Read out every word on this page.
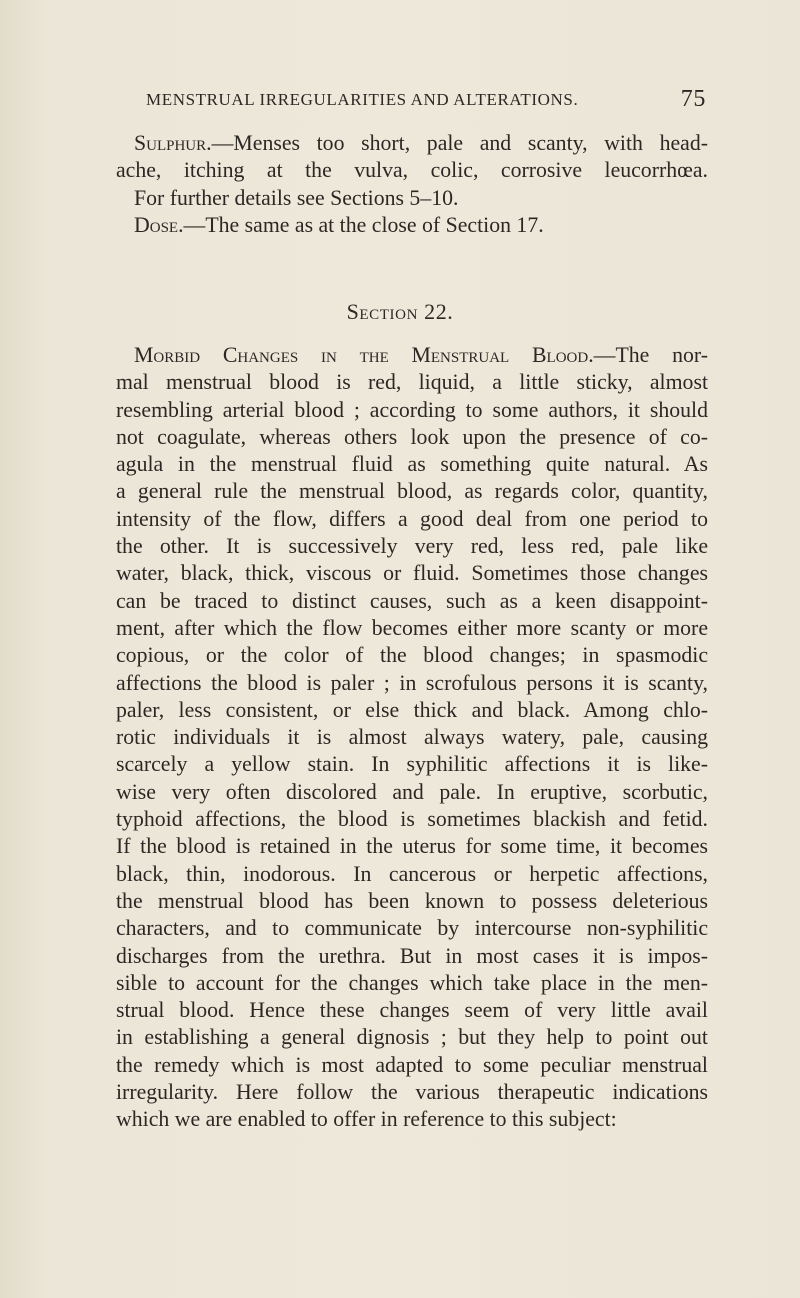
MENSTRUAL IRREGULARITIES AND ALTERATIONS.	75
Sulphur.—Menses too short, pale and scanty, with head-
ache, itching at the vulva, colic, corrosive leucorrhœa.
For further details see Sections 5–10.
Dose.—The same as at the close of Section 17.
Section 22.
Morbid Changes in the Menstrual Blood.—The nor-
mal menstrual blood is red, liquid, a little sticky, almost
resembling arterial blood ; according to some authors, it should
not coagulate, whereas others look upon the presence of co-
agula in the menstrual fluid as something quite natural. As
a general rule the menstrual blood, as regards color, quantity,
intensity of the flow, differs a good deal from one period to
the other. It is successively very red, less red, pale like
water, black, thick, viscous or fluid. Sometimes those changes
can be traced to distinct causes, such as a keen disappoint-
ment, after which the flow becomes either more scanty or more
copious, or the color of the blood changes; in spasmodic
affections the blood is paler ; in scrofulous persons it is scanty,
paler, less consistent, or else thick and black. Among chlo-
rotic individuals it is almost always watery, pale, causing
scarcely a yellow stain. In syphilitic affections it is like-
wise very often discolored and pale. In eruptive, scorbutic,
typhoid affections, the blood is sometimes blackish and fetid.
If the blood is retained in the uterus for some time, it becomes
black, thin, inodorous. In cancerous or herpetic affections,
the menstrual blood has been known to possess deleterious
characters, and to communicate by intercourse non-syphilitic
discharges from the urethra. But in most cases it is impos-
sible to account for the changes which take place in the men-
strual blood. Hence these changes seem of very little avail
in establishing a general dignosis ; but they help to point out
the remedy which is most adapted to some peculiar menstrual
irregularity. Here follow the various therapeutic indications
which we are enabled to offer in reference to this subject:
